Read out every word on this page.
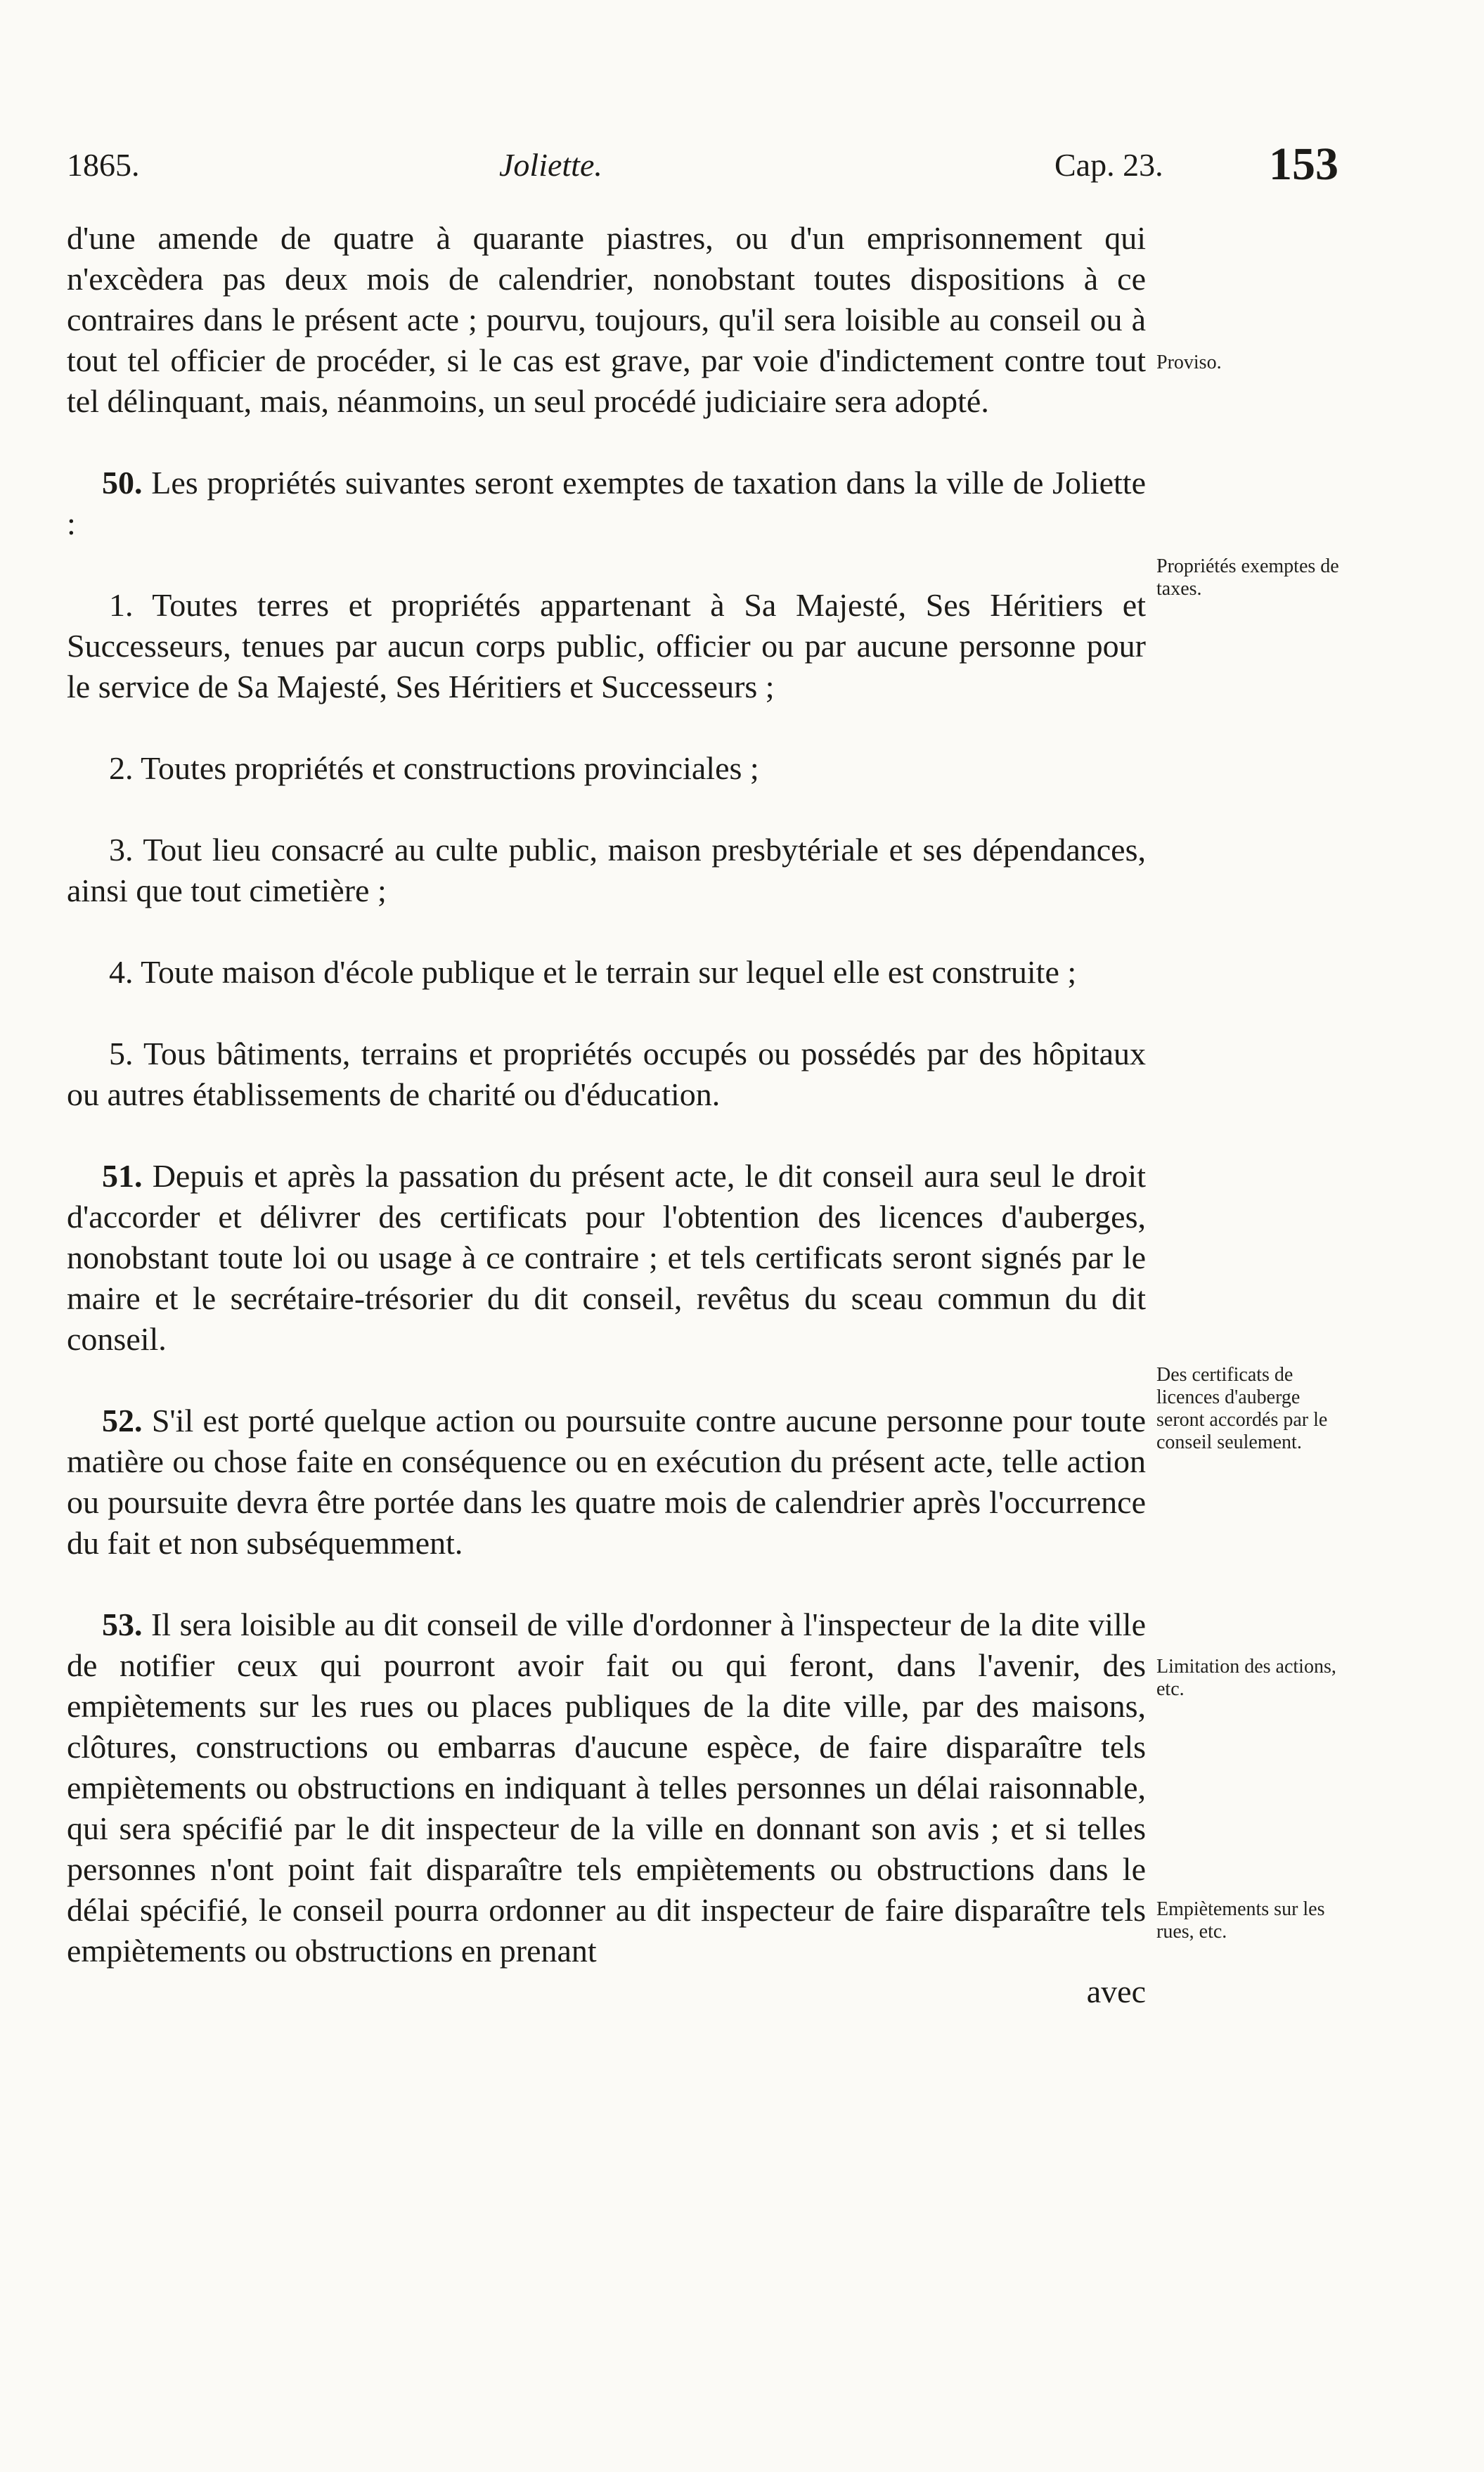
1865.	Joliette.	Cap. 23. 153

d'une amende de quatre à quarante piastres, ou d'un emprisonnement qui n'excèdera pas deux mois de calendrier, nonobstant toutes dispositions à ce contraires dans le présent acte ; pourvu, toujours, qu'il sera loisible au conseil ou à tout tel officier de procéder, si le cas est grave, par voie d'indictement contre tout tel délinquant, mais, néanmoins, un seul procédé judiciaire sera adopté.

50. Les propriétés suivantes seront exemptes de taxation dans la ville de Joliette :

1. Toutes terres et propriétés appartenant à Sa Majesté, Ses Héritiers et Successeurs, tenues par aucun corps public, officier ou par aucune personne pour le service de Sa Majesté, Ses Héritiers et Successeurs ;

2. Toutes propriétés et constructions provinciales ;

3. Tout lieu consacré au culte public, maison presbytériale et ses dépendances, ainsi que tout cimetière ;

4. Toute maison d'école publique et le terrain sur lequel elle est construite ;

5. Tous bâtiments, terrains et propriétés occupés ou possédés par des hôpitaux ou autres établissements de charité ou d'éducation.

51. Depuis et après la passation du présent acte, le dit conseil aura seul le droit d'accorder et délivrer des certificats pour l'obtention des licences d'auberges, nonobstant toute loi ou usage à ce contraire ; et tels certificats seront signés par le maire et le secrétaire-trésorier du dit conseil, revêtus du sceau commun du dit conseil.

52. S'il est porté quelque action ou poursuite contre aucune personne pour toute matière ou chose faite en conséquence ou en exécution du présent acte, telle action ou poursuite devra être portée dans les quatre mois de calendrier après l'occurrence du fait et non subséquemment.

53. Il sera loisible au dit conseil de ville d'ordonner à l'inspecteur de la dite ville de notifier ceux qui pourront avoir fait ou qui feront, dans l'avenir, des empiètements sur les rues ou places publiques de la dite ville, par des maisons, clôtures, constructions ou embarras d'aucune espèce, de faire disparaître tels empiètements ou obstructions en indiquant à telles personnes un délai raisonnable, qui sera spécifié par le dit inspecteur de la ville en donnant son avis ; et si telles personnes n'ont point fait disparaître tels empiètements ou obstructions dans le délai spécifié, le conseil pourra ordonner au dit inspecteur de faire disparaître tels empiètements ou obstructions en prenant

avec
Proviso.
Propriétés exemptes de taxes.
Des certificats de licences d'auberge seront accordés par le conseil seulement.
Limitation des actions, etc.
Empiètements sur les rues, etc.
